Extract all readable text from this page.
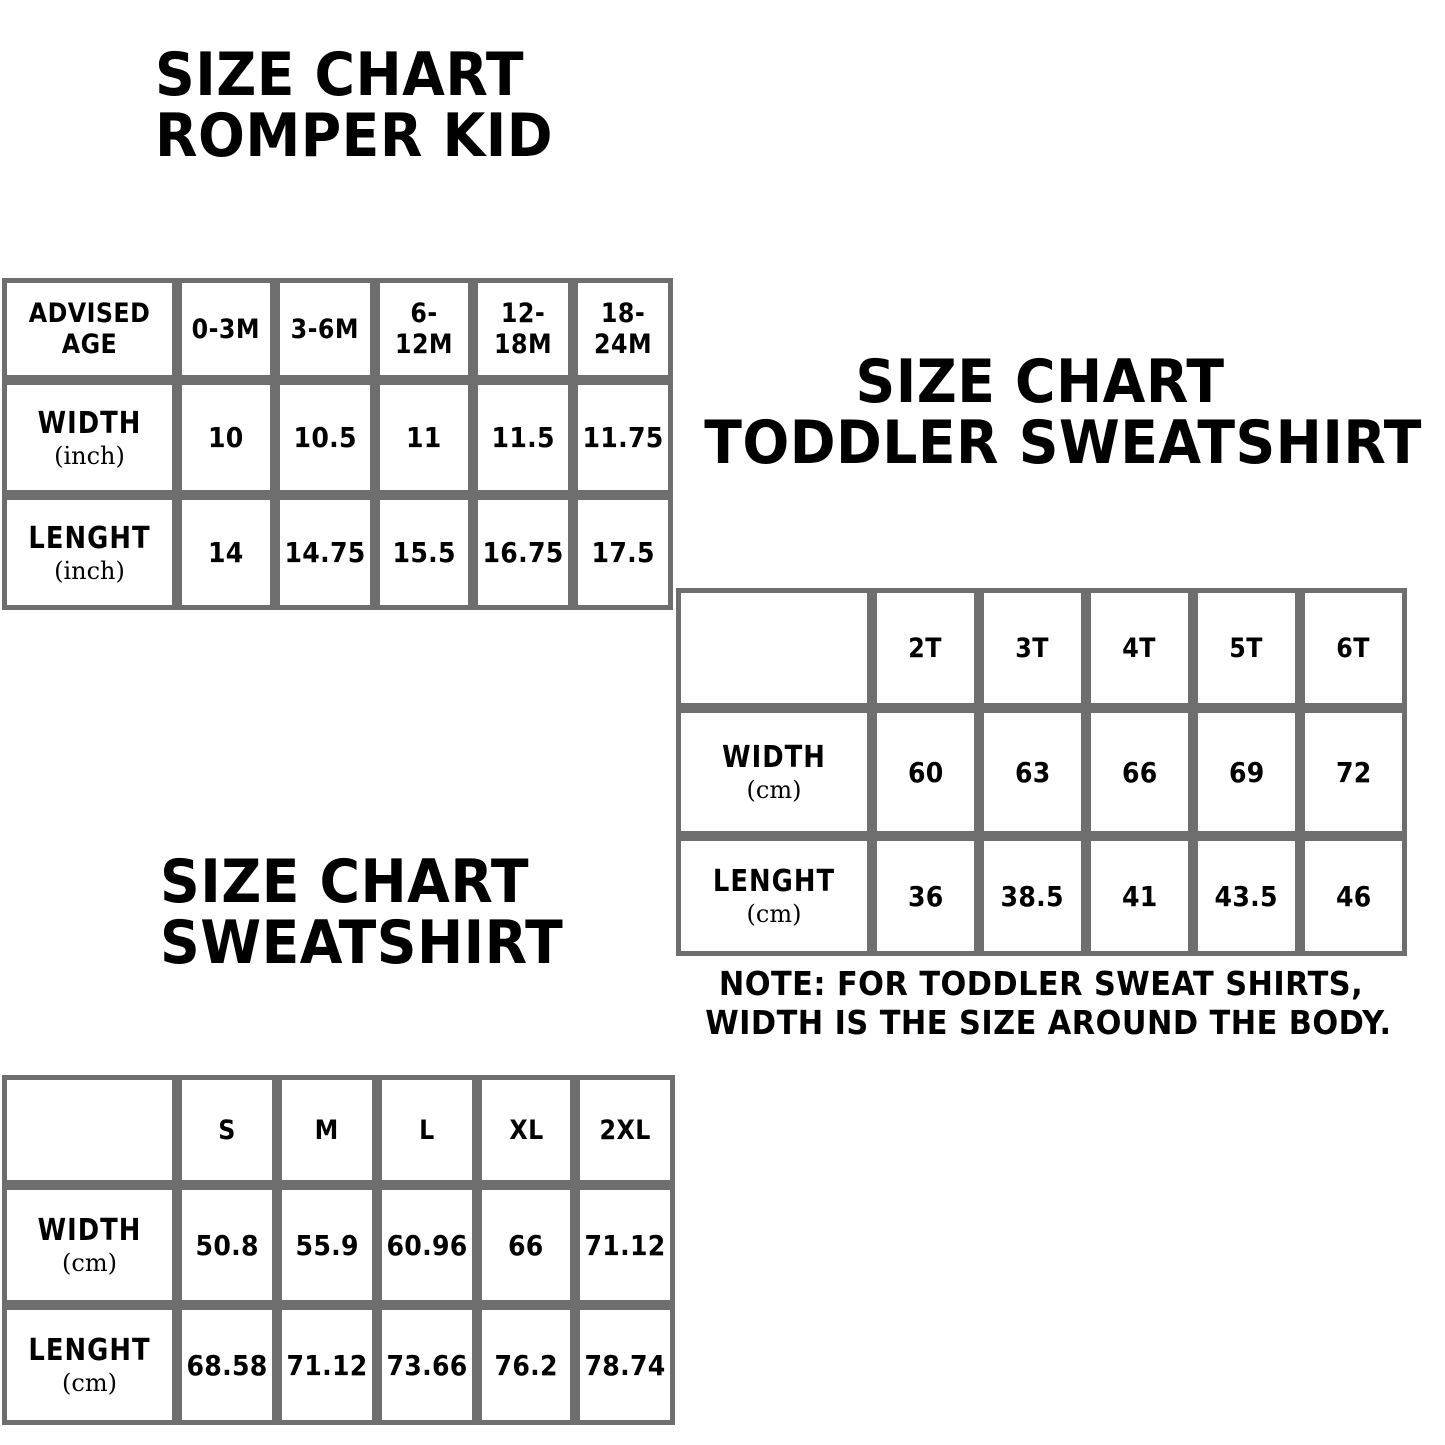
SIZE CHART
ROMPER KID
ADVISED AGE	0-3M	3-6M	6-12M	12-18M	18-24M

WIDTH
(inch)	10	10.5	11	11.5	11.75

LENGHT
(inch)	14	14.75	15.5	16.75	17.5
SIZE CHART
TODDLER SWEATSHIRT
	2T	3T	4T	5T	6T

WIDTH
(cm)	60	63	66	69	72

LENGHT
(cm)	36	38.5	41	43.5	46
NOTE: FOR TODDLER SWEAT SHIRTS,
WIDTH IS THE SIZE AROUND THE BODY.
SIZE CHART
SWEATSHIRT
	S	M	L	XL	2XL

WIDTH
(cm)	50.8	55.9	60.96	66	71.12

LENGHT
(cm)	68.58	71.12	73.66	76.2	78.74
